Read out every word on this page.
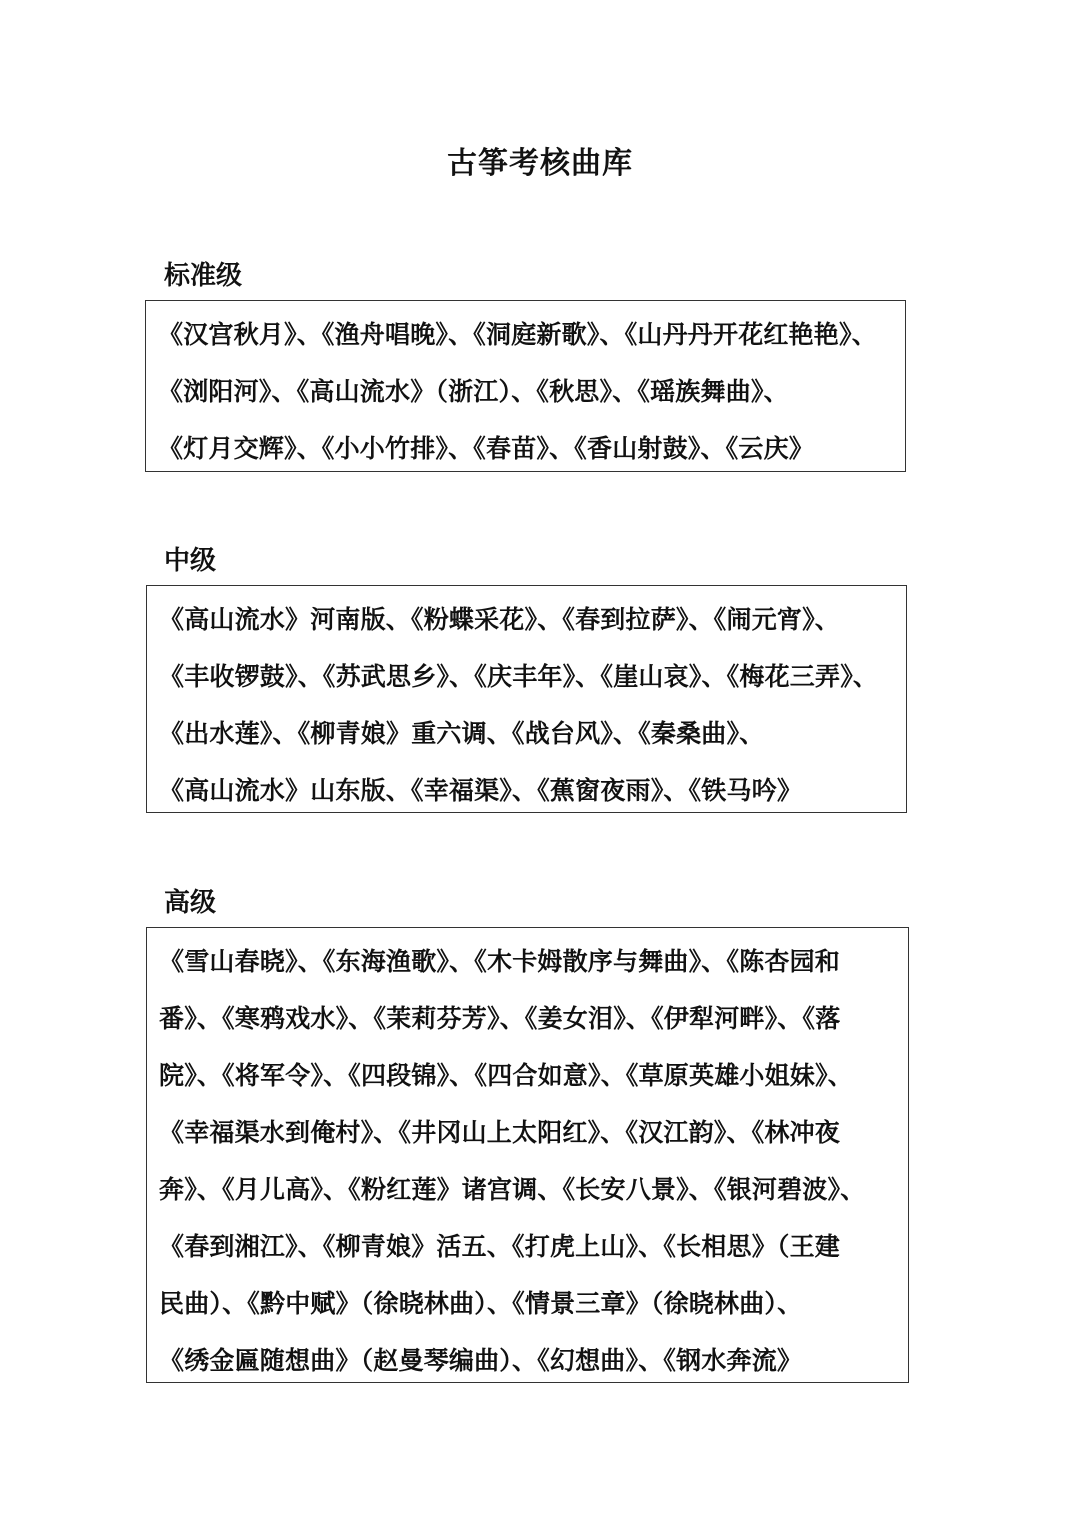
古筝考核曲库
标准级
《汉宫秋月》、《渔舟唱晚》、《洞庭新歌》、《山丹丹开花红艳艳》、
《浏阳河》、《高山流水》（浙江）、《秋思》、《瑶族舞曲》、
《灯月交辉》、《小小竹排》、《春苗》、《香山射鼓》、《云庆》
中级
《高山流水》河南版、《粉蝶采花》、《春到拉萨》、《闹元宵》、
《丰收锣鼓》、《苏武思乡》、《庆丰年》、《崖山哀》、《梅花三弄》、
《出水莲》、《柳青娘》重六调、《战台风》、《秦桑曲》、
《高山流水》山东版、《幸福渠》、《蕉窗夜雨》、《铁马吟》
高级
《雪山春晓》、《东海渔歌》、《木卡姆散序与舞曲》、《陈杏园和
番》、《寒鸦戏水》、《茉莉芬芳》、《姜女泪》、《伊犁河畔》、《落
院》、《将军令》、《四段锦》、《四合如意》、《草原英雄小姐妹》、
《幸福渠水到俺村》、《井冈山上太阳红》、《汉江韵》、《林冲夜
奔》、《月儿高》、《粉红莲》诸宫调、《长安八景》、《银河碧波》、
《春到湘江》、《柳青娘》活五、《打虎上山》、《长相思》（王建
民曲）、《黔中赋》（徐晓林曲）、《情景三章》（徐晓林曲）、
《绣金匾随想曲》（赵曼琴编曲）、《幻想曲》、《钢水奔流》
